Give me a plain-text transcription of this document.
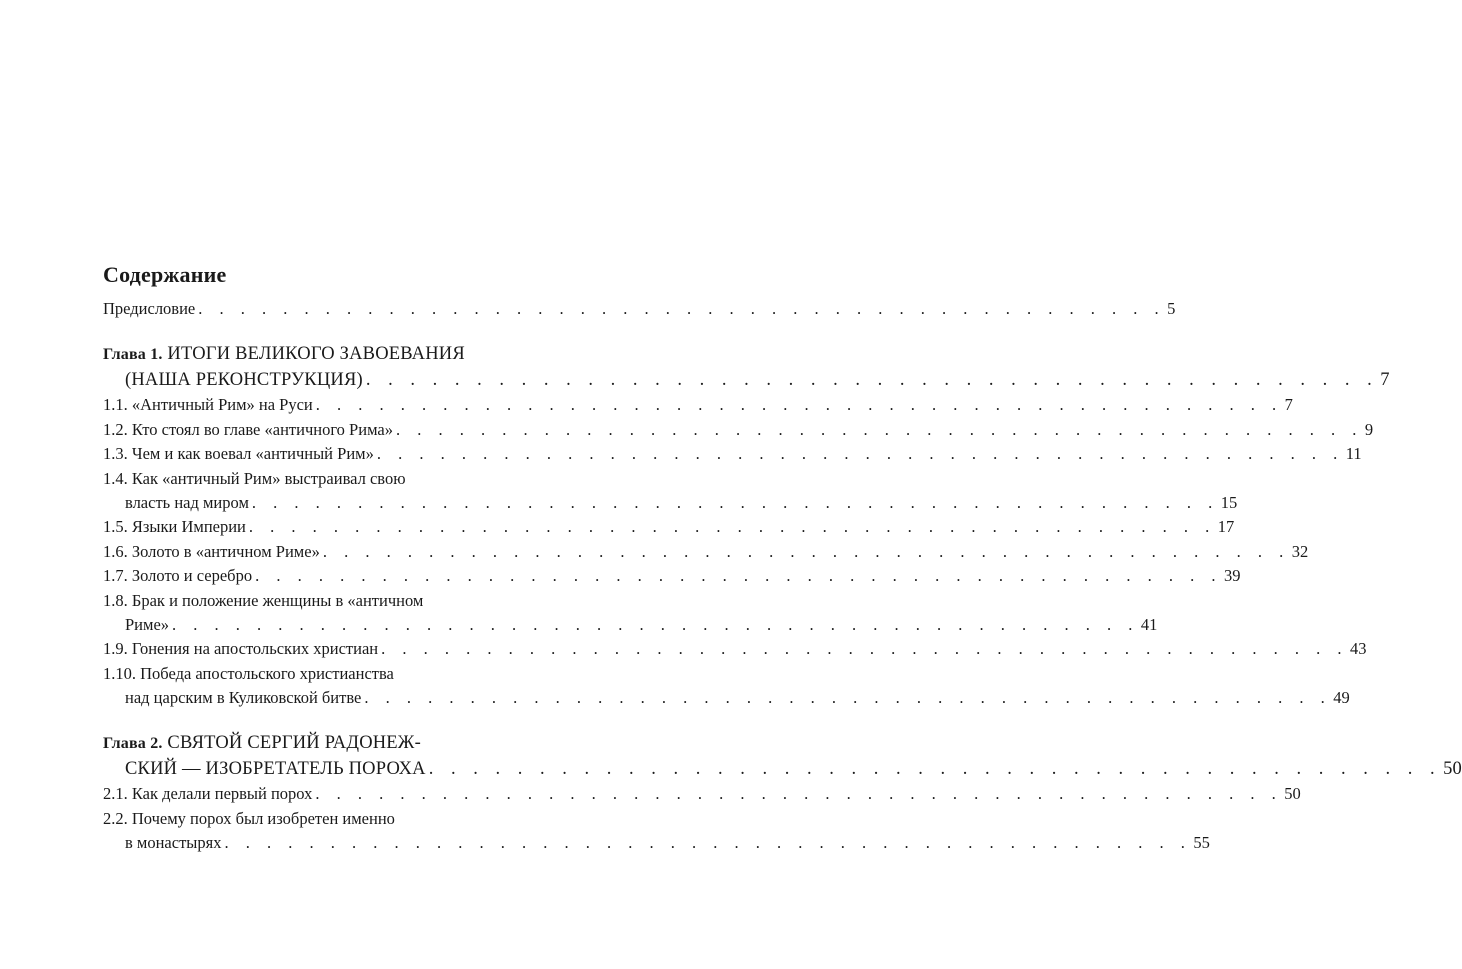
Содержание
Предисловие . . . . . . . . . . . . . . . . . . . . . . . . . . . . . . . . . . . . . . . . . . . . . . 5
Глава 1. ИТОГИ ВЕЛИКОГО ЗАВОЕВАНИЯ
(НАША РЕКОНСТРУКЦИЯ) . . . . . . . . . . . . . . . . . . . . . . . . . . . . . . . . . . . . . . . . . . . . . . 7
1.1. «Античный Рим» на Руси . . . . . . . . . . . . . . . . . . . . . . . . . . . . . . . . . . . . . . . . . . . . . . 7
1.2. Кто стоял во главе «античного Рима» . . . . . . . . . . . . . . . . . . . . . . . . . . . . . . . . . . . . . . . . . . . . . . 9
1.3. Чем и как воевал «античный Рим» . . . . . . . . . . . . . . . . . . . . . . . . . . . . . . . . . . . . . . . . . . . . . . 11
1.4. Как «античный Рим» выстраивал свою
власть над миром . . . . . . . . . . . . . . . . . . . . . . . . . . . . . . . . . . . . . . . . . . . . . . 15
1.5. Языки Империи . . . . . . . . . . . . . . . . . . . . . . . . . . . . . . . . . . . . . . . . . . . . . . 17
1.6. Золото в «античном Риме» . . . . . . . . . . . . . . . . . . . . . . . . . . . . . . . . . . . . . . . . . . . . . . 32
1.7. Золото и серебро . . . . . . . . . . . . . . . . . . . . . . . . . . . . . . . . . . . . . . . . . . . . . . 39
1.8. Брак и положение женщины в «античном
Риме» . . . . . . . . . . . . . . . . . . . . . . . . . . . . . . . . . . . . . . . . . . . . . . 41
1.9. Гонения на апостольских христиан . . . . . . . . . . . . . . . . . . . . . . . . . . . . . . . . . . . . . . . . . . . . . . 43
1.10. Победа апостольского христианства
над царским в Куликовской битве . . . . . . . . . . . . . . . . . . . . . . . . . . . . . . . . . . . . . . . . . . . . . . 49
Глава 2. СВЯТОЙ СЕРГИЙ РАДОНЕЖ-
СКИЙ — ИЗОБРЕТАТЕЛЬ ПОРОХА . . . . . . . . . . . . . . . . . . . . . . . . . . . . . . . . . . . . . . . . . . . . . . 50
2.1. Как делали первый порох . . . . . . . . . . . . . . . . . . . . . . . . . . . . . . . . . . . . . . . . . . . . . . 50
2.2. Почему порох был изобретен именно
в монастырях . . . . . . . . . . . . . . . . . . . . . . . . . . . . . . . . . . . . . . . . . . . . . . 55
